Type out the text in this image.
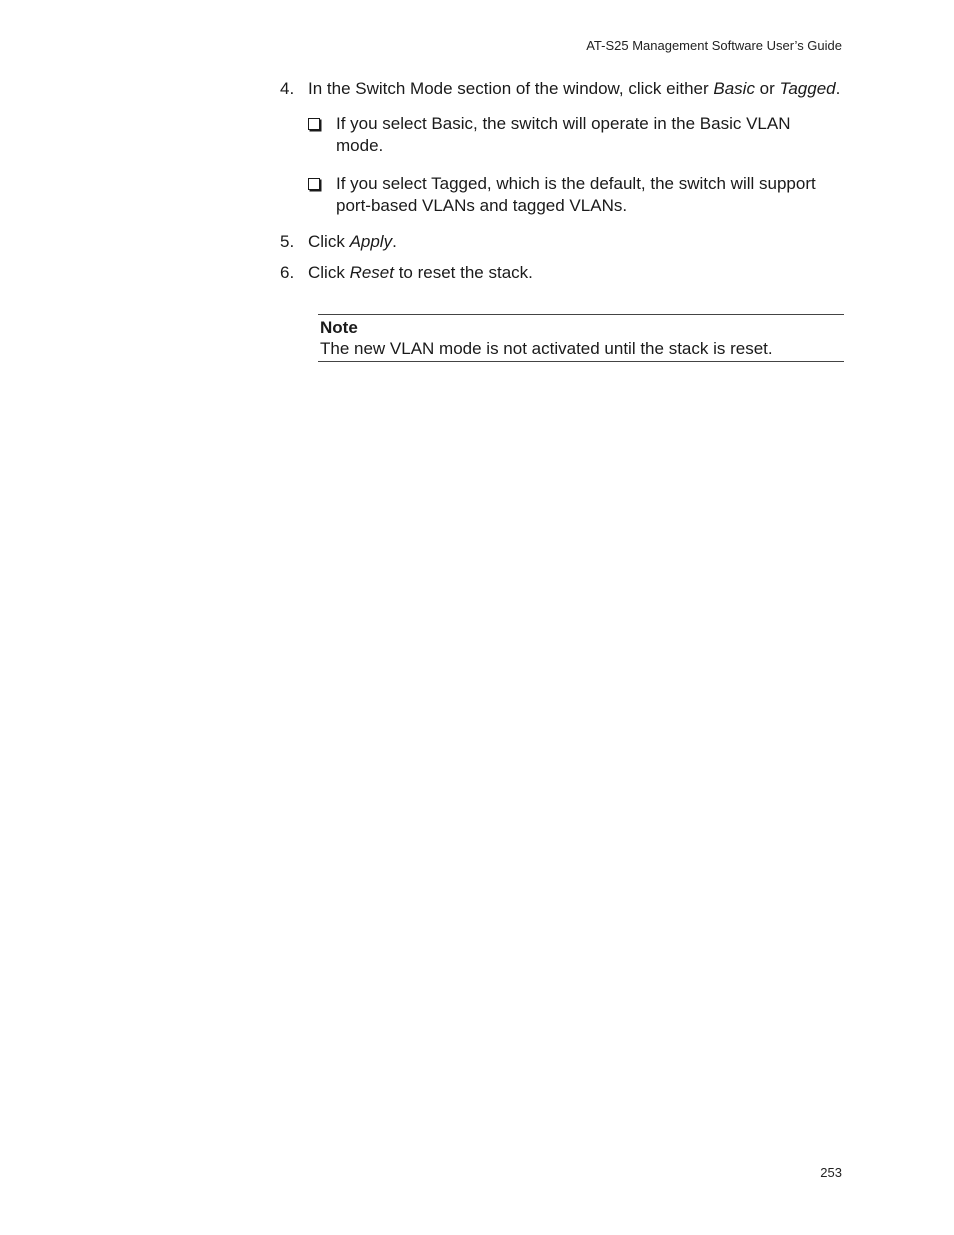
AT-S25 Management Software User’s Guide
4. In the Switch Mode section of the window, click either Basic or Tagged.
If you select Basic, the switch will operate in the Basic VLAN mode.
If you select Tagged, which is the default, the switch will support port-based VLANs and tagged VLANs.
5. Click Apply.
6. Click Reset to reset the stack.
Note
The new VLAN mode is not activated until the stack is reset.
253
